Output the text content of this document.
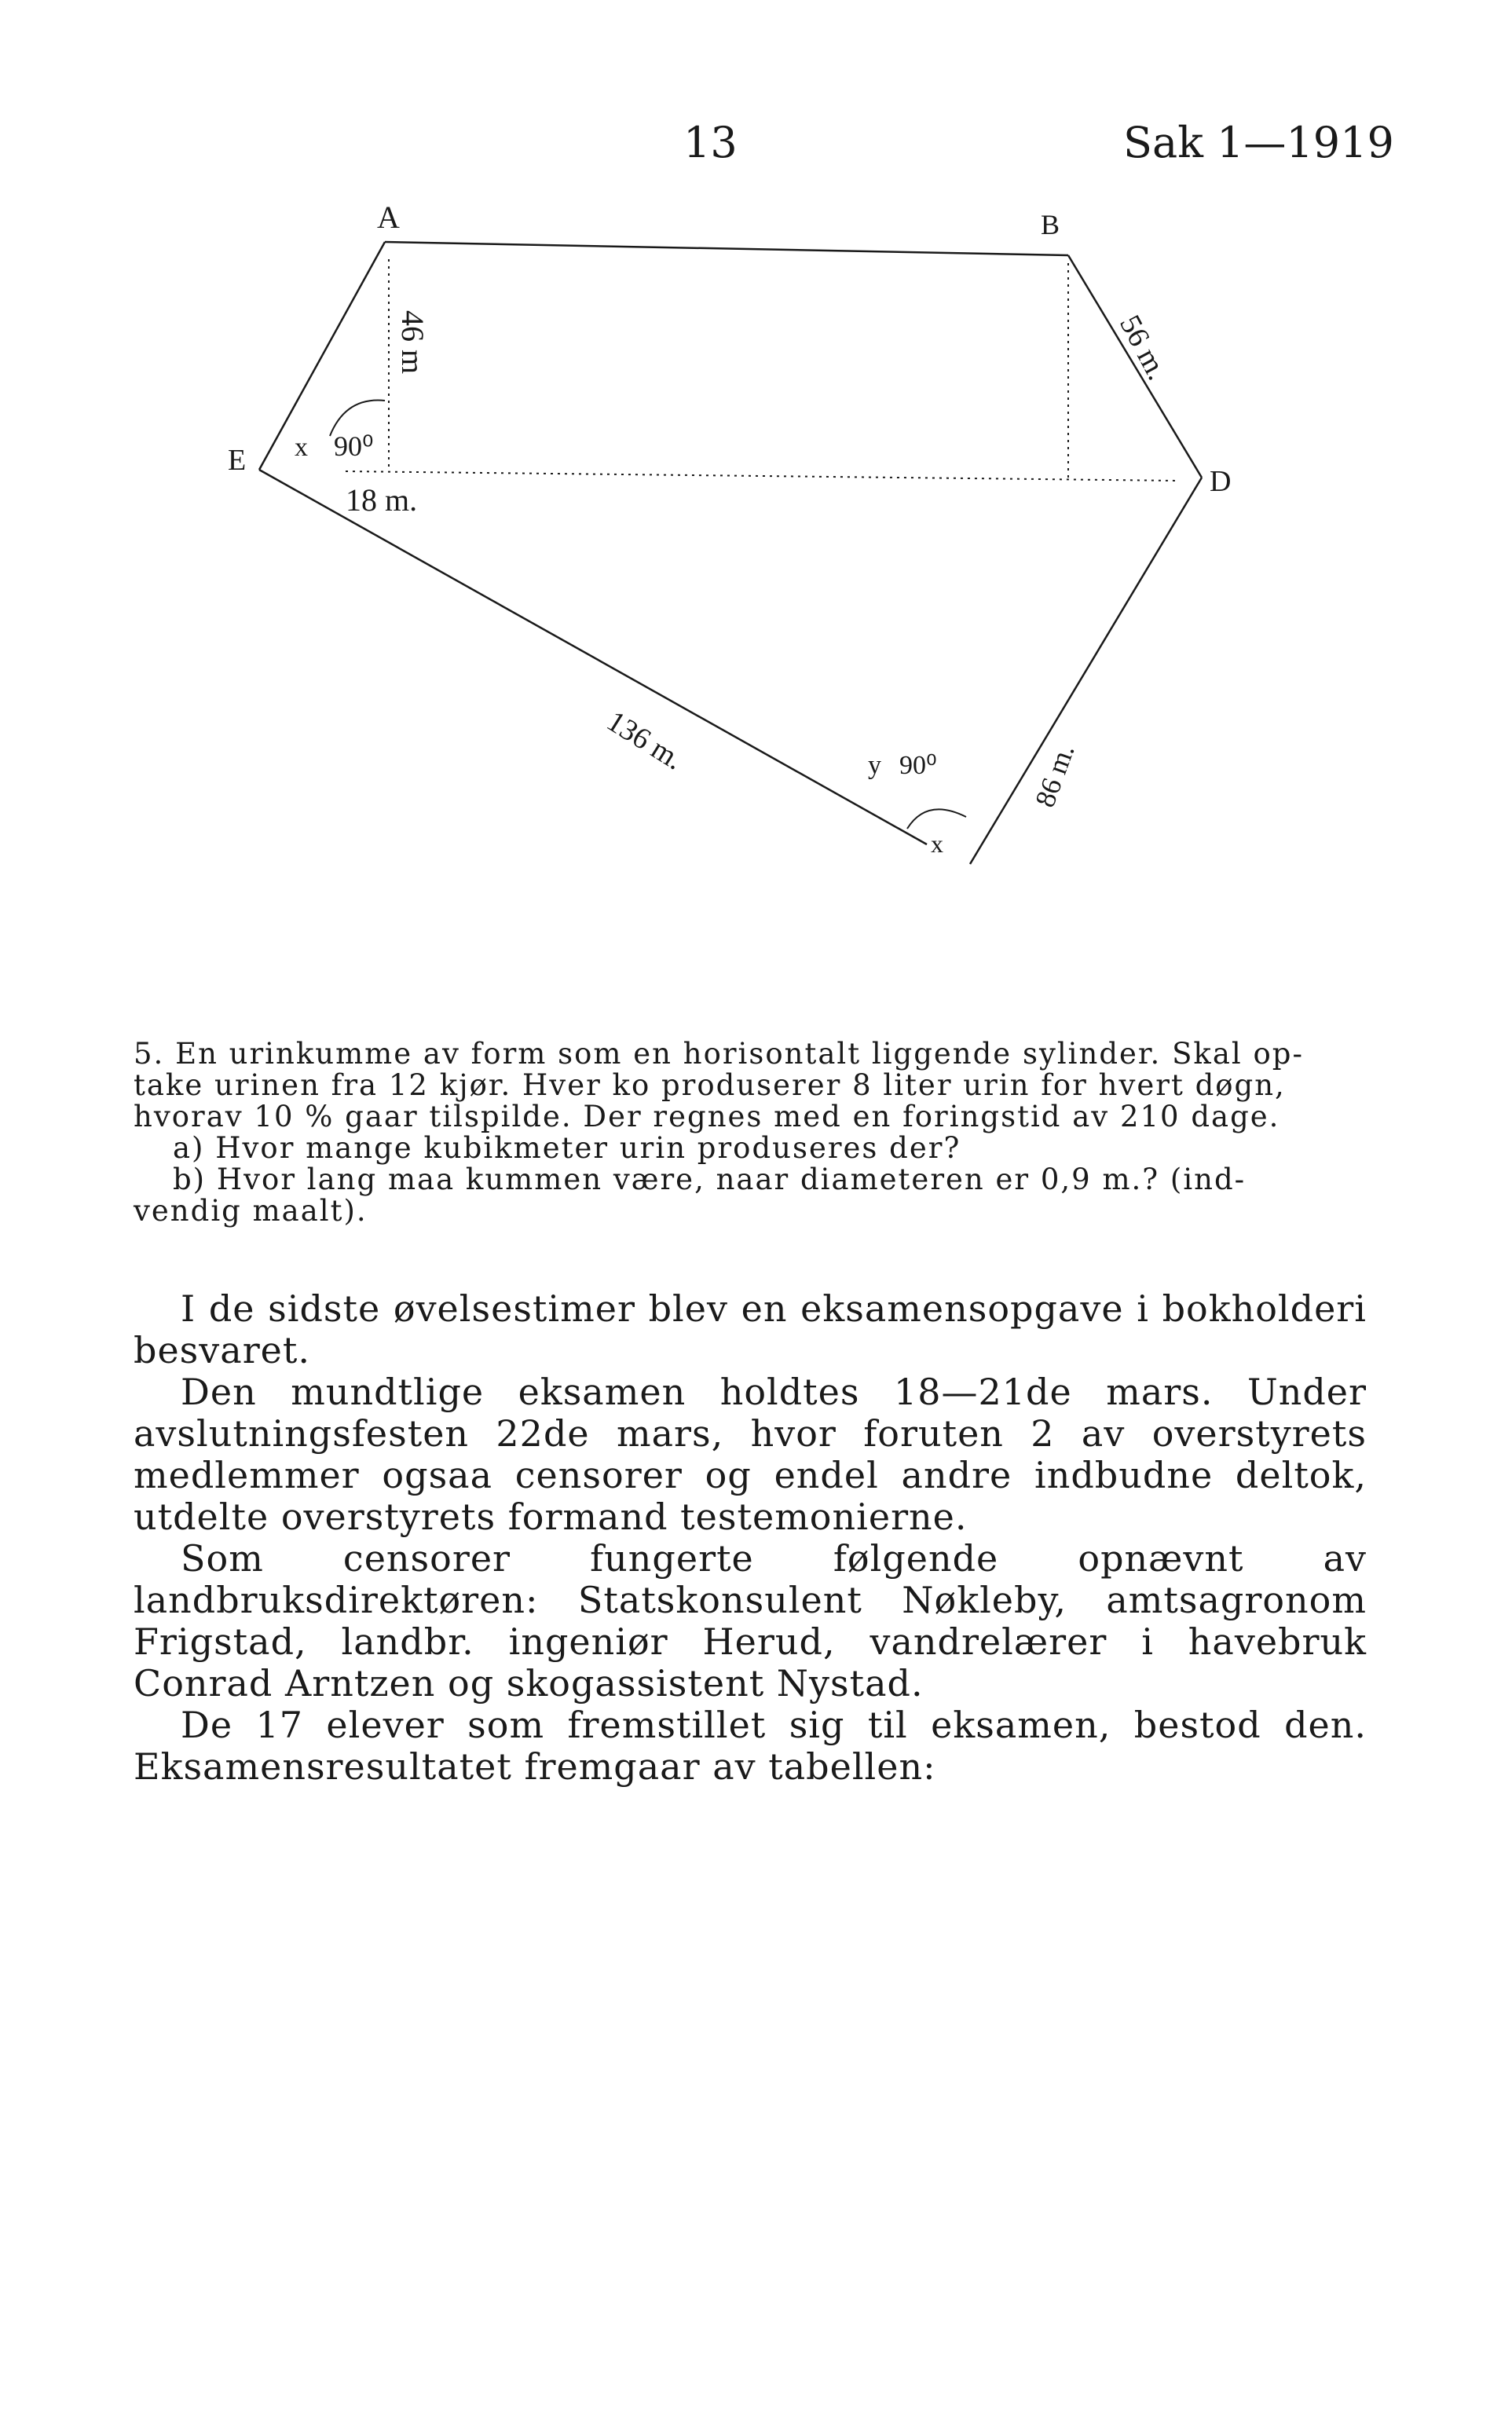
13	Sak 1—1919
A	B
E
D
46 m	56 m.
x 90⁰
18 m.
136 m.	86 m.
y 90⁰
x

5. En urinkumme av form som en horisontalt liggende sylinder. Skal op-

take urinen fra 12 kjør. Hver ko produserer 8 liter urin for hvert døgn,

hvorav 10 % gaar tilspilde. Der regnes med en foringstid av 210 dage.

a) Hvor mange kubikmeter urin produseres der?

b) Hvor lang maa kummen være, naar diameteren er 0,9 m.? (ind-

vendig maalt).

I de sidste øvelsestimer blev en eksamensopgave i bokholderi besvaret.

Den mundtlige eksamen holdtes 18—21de mars. Under avslutningsfesten 22de mars, hvor foruten 2 av overstyrets medlemmer ogsaa censorer og endel andre indbudne deltok, utdelte overstyrets formand testemonierne.

Som censorer fungerte følgende opnævnt av landbruksdirektøren: Statskonsulent Nøkleby, amtsagronom Frigstad, landbr. ingeniør Herud, vandrelærer i havebruk Conrad Arntzen og skogassistent Nystad.

De 17 elever som fremstillet sig til eksamen, bestod den. Eksamensresultatet fremgaar av tabellen:
